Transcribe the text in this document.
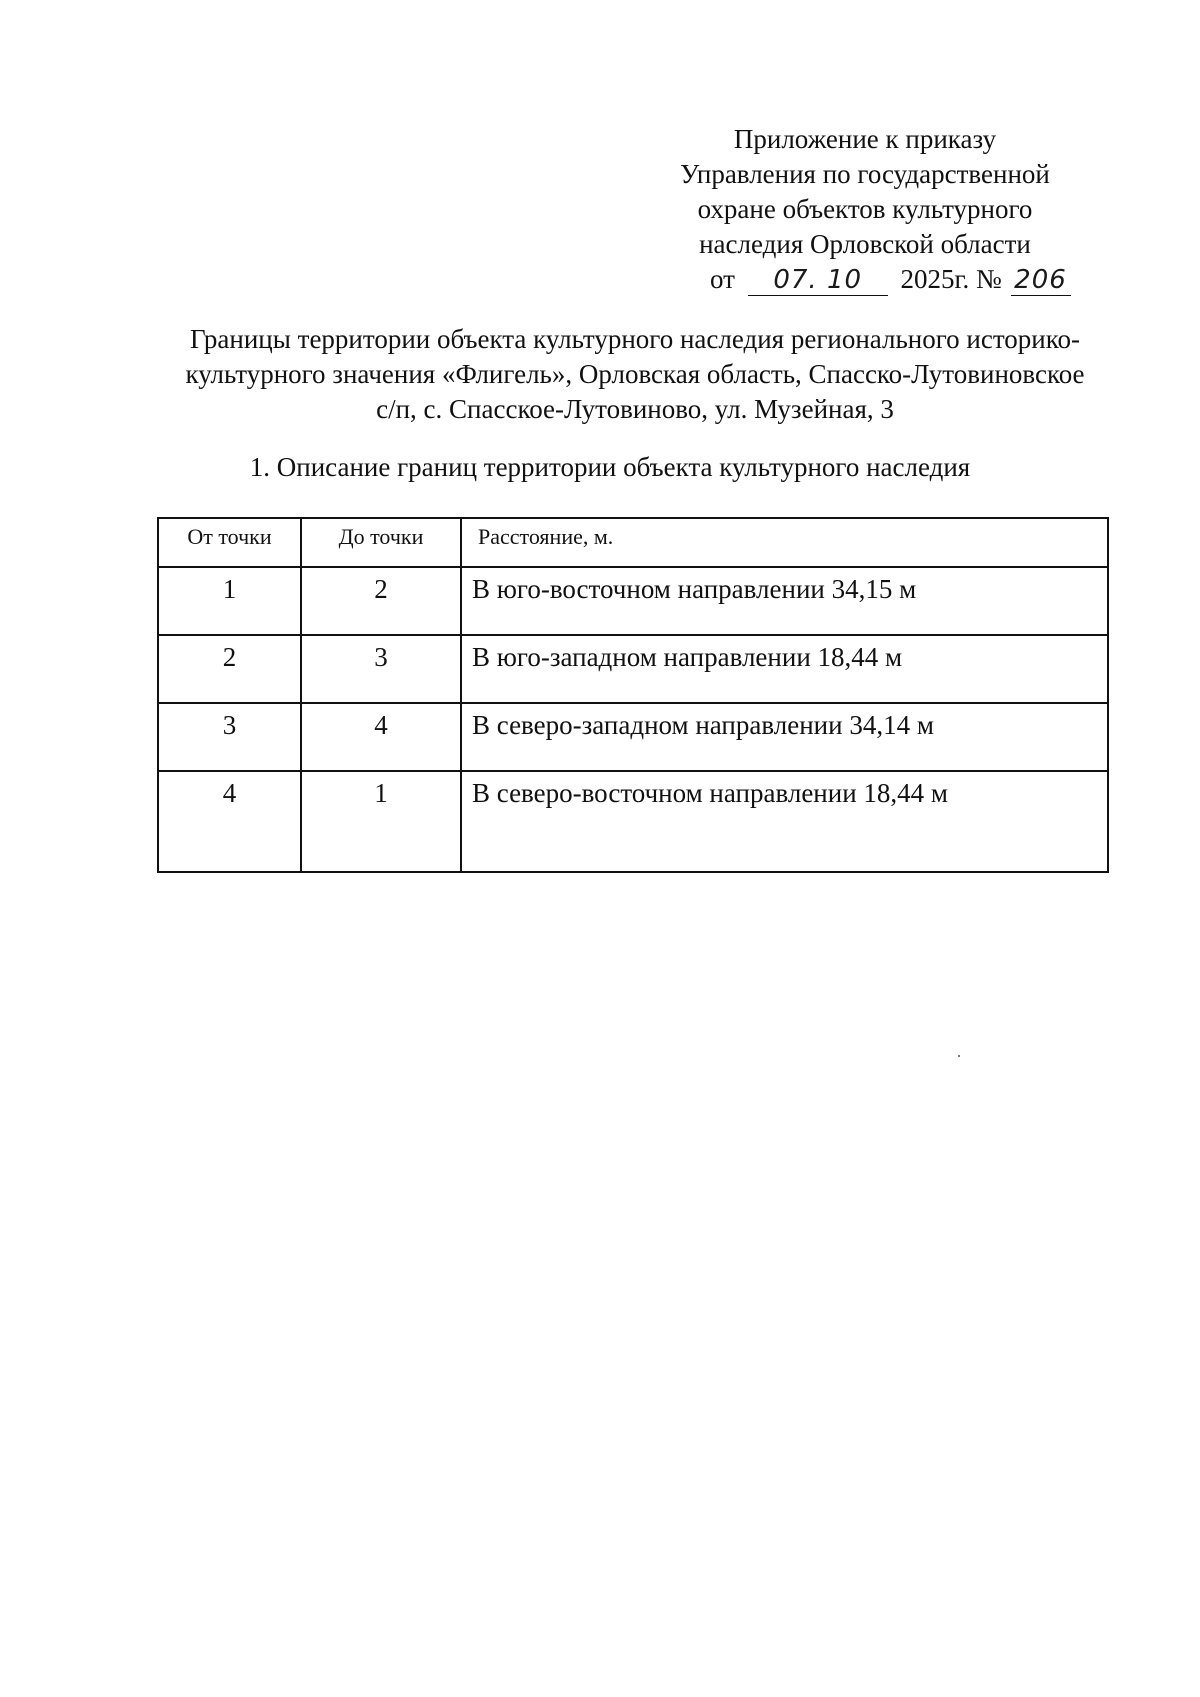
Приложение к приказу
Управления по государственной
охране объектов культурного
наследия Орловской области
от 07. 10 2025г. № 206
Границы территории объекта культурного наследия регионального историко-
культурного значения «Флигель», Орловская область, Спасско-Лутовиновское
с/п, с. Спасское-Лутовиново, ул. Музейная, 3
1. Описание границ территории объекта культурного наследия
От точки	До точки	Расстояние, м.
1	2	В юго-восточном направлении 34,15 м
2	3	В юго-западном направлении 18,44 м
3	4	В северо-западном направлении 34,14 м
4	1	В северо-восточном направлении 18,44 м
